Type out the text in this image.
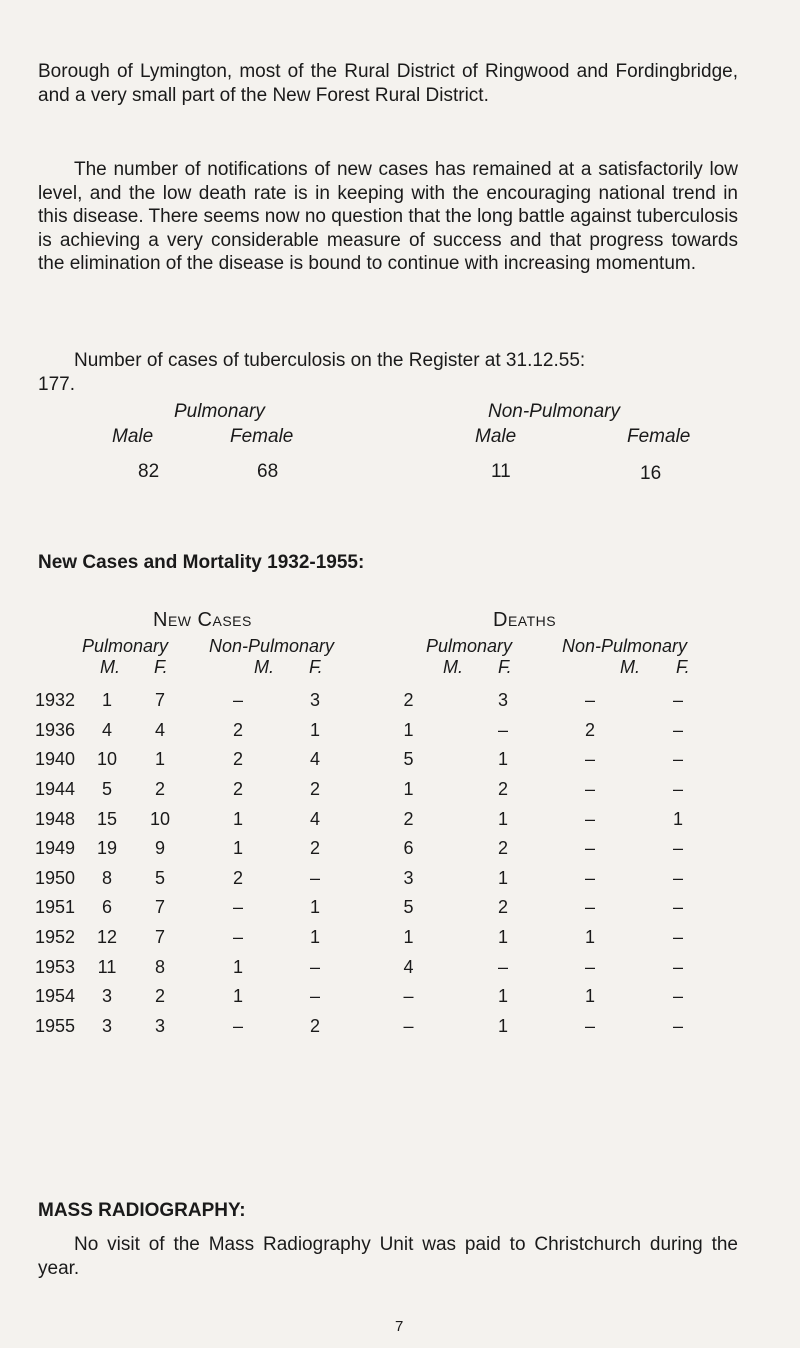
Borough of Lymington, most of the Rural District of Ringwood and Fordingbridge, and a very small part of the New Forest Rural District.
The number of notifications of new cases has remained at a satisfactorily low level, and the low death rate is in keeping with the encouraging national trend in this disease. There seems now no question that the long battle against tuberculosis is achieving a very considerable measure of success and that progress towards the elimination of the disease is bound to continue with increasing momentum.
Number of cases of tuberculosis on the Register at 31.12.55:
177.
Pulmonary	Non-Pulmonary
Male	Female	Male	Female
82	68	11	16
New Cases and Mortality 1932-1955:
New Cases	Deaths
Pulmonary Non-Pulmonary	Pulmonary	Non-Pulmonary
M. F.	M. F.	M. F.	M. F.
1932	1	7	–	3	2	3	–	–
1936	4	4	2	1	1	–	2	–
1940	10	1	2	4	5	1	–	–
1944	5	2	2	2	1	2	–	–
1948	15	10	1	4	2	1	–	1
1949	19	9	1	2	6	2	–	–
1950	8	5	2	–	3	1	–	–
1951	6	7	–	1	5	2	–	–
1952	12	7	–	1	1	1	1	–
1953	11	8	1	–	4	–	–	–
1954	3	2	1	–	–	1	1	–
1955	3	3	–	2	–	1	–	–
MASS RADIOGRAPHY:
No visit of the Mass Radiography Unit was paid to Christchurch during the year.
7
